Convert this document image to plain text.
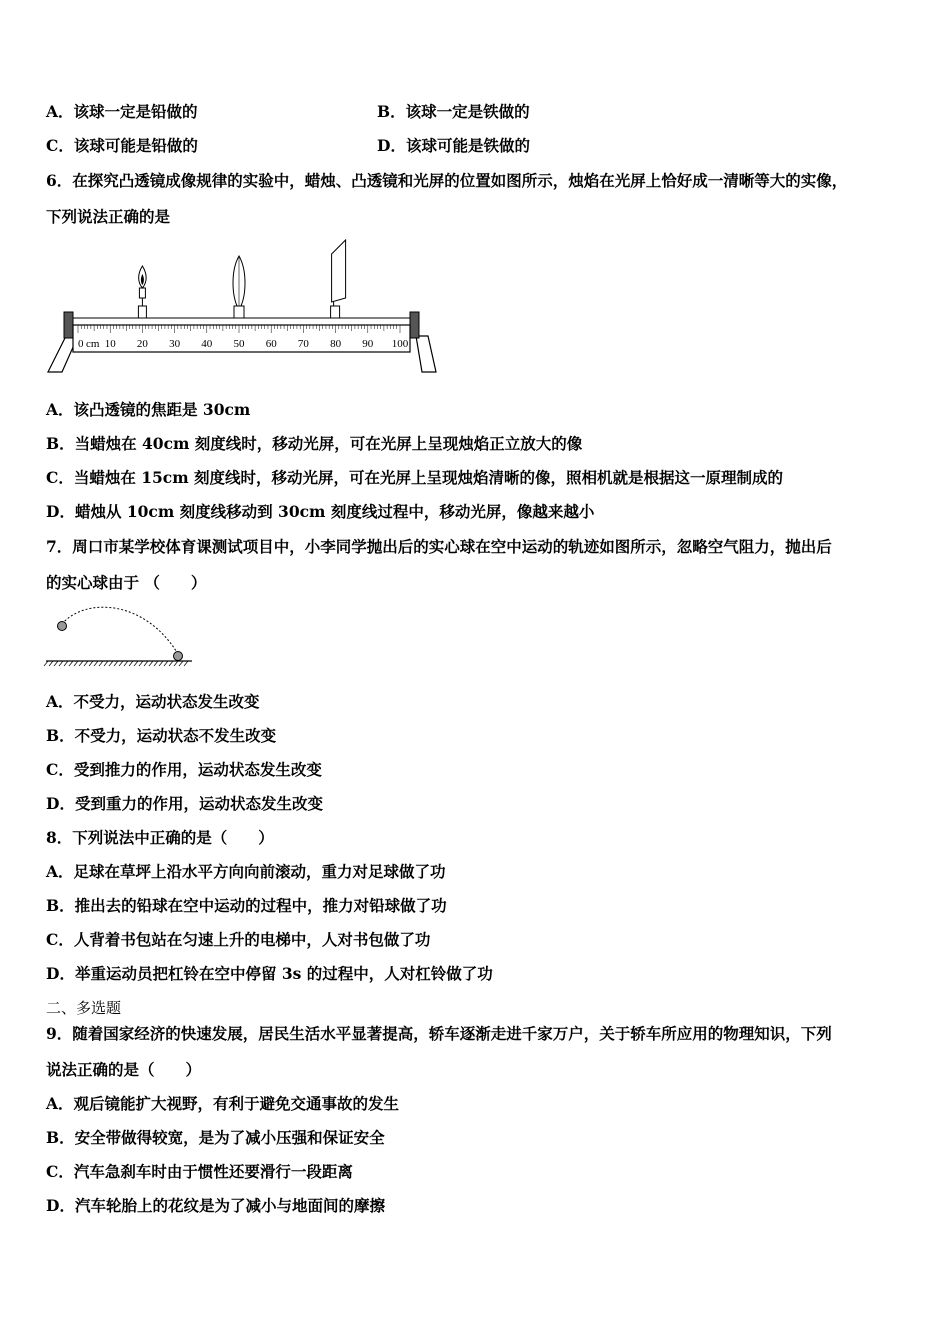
A．该球一定是铅做的	B．该球一定是铁做的
C．该球可能是铅做的	D．该球可能是铁做的
6．在探究凸透镜成像规律的实验中，蜡烛、凸透镜和光屏的位置如图所示，烛焰在光屏上恰好成一清晰等大的实像，
下列说法正确的是
0 10 20 30 40 50 60 70 80 90 100
cm
A．该凸透镜的焦距是 30cm
B．当蜡烛在 40cm 刻度线时，移动光屏，可在光屏上呈现烛焰正立放大的像
C．当蜡烛在 15cm 刻度线时，移动光屏，可在光屏上呈现烛焰清晰的像，照相机就是根据这一原理制成的
D．蜡烛从 10cm 刻度线移动到 30cm 刻度线过程中，移动光屏，像越来越小
7．周口市某学校体育课测试项目中，小李同学抛出后的实心球在空中运动的轨迹如图所示，忽略空气阻力，抛出后
的实心球由于 （　　）
A．不受力，运动状态发生改变
B．不受力，运动状态不发生改变
C．受到推力的作用，运动状态发生改变
D．受到重力的作用，运动状态发生改变
8．下列说法中正确的是（　　）
A．足球在草坪上沿水平方向向前滚动，重力对足球做了功
B．推出去的铅球在空中运动的过程中，推力对铅球做了功
C．人背着书包站在匀速上升的电梯中，人对书包做了功
D．举重运动员把杠铃在空中停留 3s 的过程中，人对杠铃做了功
二、多选题
9．随着国家经济的快速发展，居民生活水平显著提高，轿车逐渐走进千家万户，关于轿车所应用的物理知识，下列
说法正确的是（　　）
A．观后镜能扩大视野，有利于避免交通事故的发生
B．安全带做得较宽，是为了减小压强和保证安全
C．汽车急刹车时由于惯性还要滑行一段距离
D．汽车轮胎上的花纹是为了减小与地面间的摩擦
